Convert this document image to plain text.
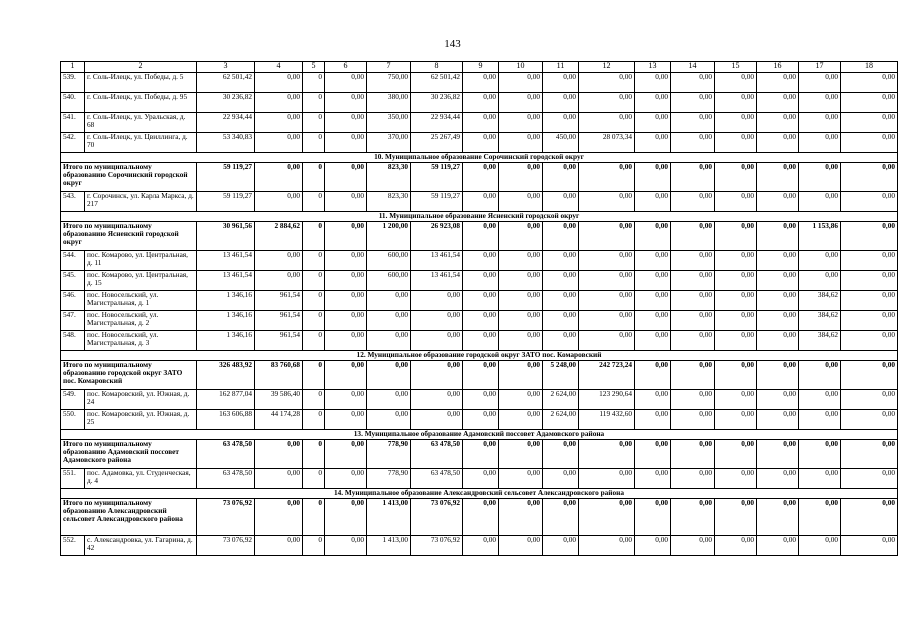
143
1	2	3	4	5	6	7	8	9	10	11	12	13	14	15	16	17	18
539.	г. Соль-Илецк, ул. Победы, д. 5	62 501,42	0,00	0	0,00	750,00	62 501,42	0,00	0,00	0,00	0,00	0,00	0,00	0,00	0,00	0,00	0,00
540.	г. Соль-Илецк, ул. Победы, д. 95	30 236,82	0,00	0	0,00	380,00	30 236,82	0,00	0,00	0,00	0,00	0,00	0,00	0,00	0,00	0,00	0,00
541.	г. Соль-Илецк, ул. Уральская, д. 68	22 934,44	0,00	0	0,00	350,00	22 934,44	0,00	0,00	0,00	0,00	0,00	0,00	0,00	0,00	0,00	0,00
542.	г. Соль-Илецк, ул. Цвиллинга, д. 70	53 340,83	0,00	0	0,00	370,00	25 267,49	0,00	0,00	450,00	28 073,34	0,00	0,00	0,00	0,00	0,00	0,00
10. Муниципальное образование Сорочинский городской округ																	
Итого по муниципальному образованию Сорочинский городской округ		59 119,27	0,00	0	0,00	823,30	59 119,27	0,00	0,00	0,00	0,00	0,00	0,00	0,00	0,00	0,00	0,00
543.	г. Сорочинск, ул. Карла Маркса, д. 217	59 119,27	0,00	0	0,00	823,30	59 119,27	0,00	0,00	0,00	0,00	0,00	0,00	0,00	0,00	0,00	0,00
11. Муниципальное образование Ясненский городской округ																	
Итого по муниципальному образованию Ясненский городской округ		30 961,56	2 884,62	0	0,00	1 200,00	26 923,08	0,00	0,00	0,00	0,00	0,00	0,00	0,00	0,00	1 153,86	0,00
544.	пос. Комарово, ул. Центральная, д. 11	13 461,54	0,00	0	0,00	600,00	13 461,54	0,00	0,00	0,00	0,00	0,00	0,00	0,00	0,00	0,00	0,00
545.	пос. Комарово, ул. Центральная, д. 15	13 461,54	0,00	0	0,00	600,00	13 461,54	0,00	0,00	0,00	0,00	0,00	0,00	0,00	0,00	0,00	0,00
546.	пос. Новосельский, ул. Магистральная, д. 1	1 346,16	961,54	0	0,00	0,00	0,00	0,00	0,00	0,00	0,00	0,00	0,00	0,00	0,00	384,62	0,00
547.	пос. Новосельский, ул. Магистральная, д. 2	1 346,16	961,54	0	0,00	0,00	0,00	0,00	0,00	0,00	0,00	0,00	0,00	0,00	0,00	384,62	0,00
548.	пос. Новосельский, ул. Магистральная, д. 3	1 346,16	961,54	0	0,00	0,00	0,00	0,00	0,00	0,00	0,00	0,00	0,00	0,00	0,00	384,62	0,00
12. Муниципальное образование городской округ ЗАТО пос. Комаровский																	
Итого по муниципальному образованию городской округ ЗАТО пос. Комаровский		326 483,92	83 760,68	0	0,00	0,00	0,00	0,00	0,00	5 248,00	242 723,24	0,00	0,00	0,00	0,00	0,00	0,00
549.	пос. Комаровский, ул. Южная, д. 24	162 877,04	39 586,40	0	0,00	0,00	0,00	0,00	0,00	2 624,00	123 290,64	0,00	0,00	0,00	0,00	0,00	0,00
550.	пос. Комаровский, ул. Южная, д. 25	163 606,88	44 174,28	0	0,00	0,00	0,00	0,00	0,00	2 624,00	119 432,60	0,00	0,00	0,00	0,00	0,00	0,00
13. Муниципальное образование Адамовский поссовет Адамовского района																	
Итого по муниципальному образованию Адамовский поссовет Адамовского района		63 478,50	0,00	0	0,00	778,90	63 478,50	0,00	0,00	0,00	0,00	0,00	0,00	0,00	0,00	0,00	0,00
551.	пос. Адамовка, ул. Студенческая, д. 4	63 478,50	0,00	0	0,00	778,90	63 478,50	0,00	0,00	0,00	0,00	0,00	0,00	0,00	0,00	0,00	0,00
14. Муниципальное образование Александровский сельсовет Александровского района																	
Итого по муниципальному образованию Александровский сельсовет Александровского района		73 076,92	0,00	0	0,00	1 413,00	73 076,92	0,00	0,00	0,00	0,00	0,00	0,00	0,00	0,00	0,00	0,00
552.	с. Александровка, ул. Гагарина, д. 42	73 076,92	0,00	0	0,00	1 413,00	73 076,92	0,00	0,00	0,00	0,00	0,00	0,00	0,00	0,00	0,00	0,00
